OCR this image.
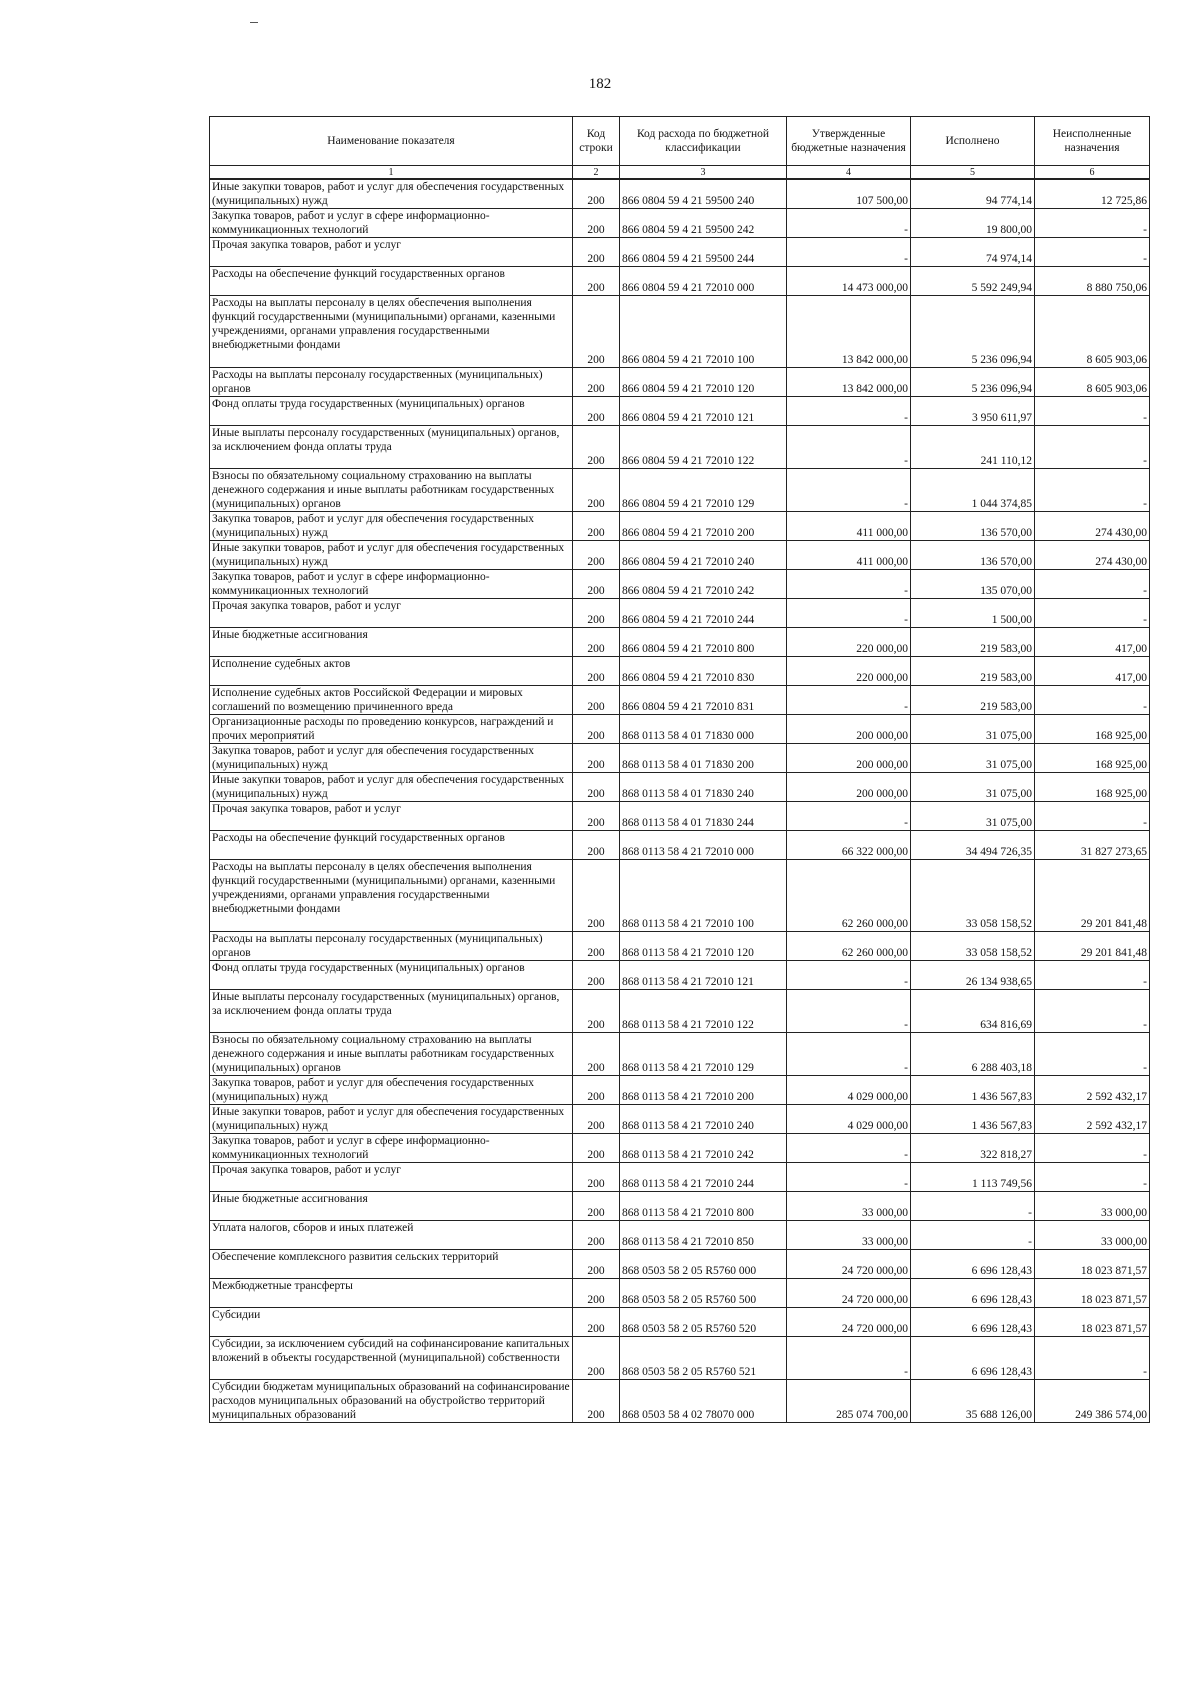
182
Наименование показателя	Код строки	Код расхода по бюджетной классификации	Утвержденные бюджетные назначения	Исполнено	Неисполненные назначения
1	2	3	4	5	6
Иные закупки товаров, работ и услуг для обеспечения государственных (муниципальных) нужд	200	866 0804 59 4 21 59500 240	107 500,00	94 774,14	12 725,86
Закупка товаров, работ и услуг в сфере информационно-коммуникационных технологий	200	866 0804 59 4 21 59500 242	-	19 800,00	-
Прочая закупка товаров, работ и услуг	200	866 0804 59 4 21 59500 244	-	74 974,14	-
Расходы на обеспечение функций государственных органов	200	866 0804 59 4 21 72010 000	14 473 000,00	5 592 249,94	8 880 750,06
Расходы на выплаты персоналу в целях обеспечения выполнения функций государственными (муниципальными) органами, казенными учреждениями, органами управления государственными внебюджетными фондами	200	866 0804 59 4 21 72010 100	13 842 000,00	5 236 096,94	8 605 903,06
Расходы на выплаты персоналу государственных (муниципальных) органов	200	866 0804 59 4 21 72010 120	13 842 000,00	5 236 096,94	8 605 903,06
Фонд оплаты труда государственных (муниципальных) органов	200	866 0804 59 4 21 72010 121	-	3 950 611,97	-
Иные выплаты персоналу государственных (муниципальных) органов, за исключением фонда оплаты труда	200	866 0804 59 4 21 72010 122	-	241 110,12	-
Взносы по обязательному социальному страхованию на выплаты денежного содержания и иные выплаты работникам государственных (муниципальных) органов	200	866 0804 59 4 21 72010 129	-	1 044 374,85	-
Закупка товаров, работ и услуг для обеспечения государственных (муниципальных) нужд	200	866 0804 59 4 21 72010 200	411 000,00	136 570,00	274 430,00
Иные закупки товаров, работ и услуг для обеспечения государственных (муниципальных) нужд	200	866 0804 59 4 21 72010 240	411 000,00	136 570,00	274 430,00
Закупка товаров, работ и услуг в сфере информационно-коммуникационных технологий	200	866 0804 59 4 21 72010 242	-	135 070,00	-
Прочая закупка товаров, работ и услуг	200	866 0804 59 4 21 72010 244	-	1 500,00	-
Иные бюджетные ассигнования	200	866 0804 59 4 21 72010 800	220 000,00	219 583,00	417,00
Исполнение судебных актов	200	866 0804 59 4 21 72010 830	220 000,00	219 583,00	417,00
Исполнение судебных актов Российской Федерации и мировых соглашений по возмещению причиненного вреда	200	866 0804 59 4 21 72010 831	-	219 583,00	-
Организационные расходы по проведению конкурсов, награждений и прочих мероприятий	200	868 0113 58 4 01 71830 000	200 000,00	31 075,00	168 925,00
Закупка товаров, работ и услуг для обеспечения государственных (муниципальных) нужд	200	868 0113 58 4 01 71830 200	200 000,00	31 075,00	168 925,00
Иные закупки товаров, работ и услуг для обеспечения государственных (муниципальных) нужд	200	868 0113 58 4 01 71830 240	200 000,00	31 075,00	168 925,00
Прочая закупка товаров, работ и услуг	200	868 0113 58 4 01 71830 244	-	31 075,00	-
Расходы на обеспечение функций государственных органов	200	868 0113 58 4 21 72010 000	66 322 000,00	34 494 726,35	31 827 273,65
Расходы на выплаты персоналу в целях обеспечения выполнения функций государственными (муниципальными) органами, казенными учреждениями, органами управления государственными внебюджетными фондами	200	868 0113 58 4 21 72010 100	62 260 000,00	33 058 158,52	29 201 841,48
Расходы на выплаты персоналу государственных (муниципальных) органов	200	868 0113 58 4 21 72010 120	62 260 000,00	33 058 158,52	29 201 841,48
Фонд оплаты труда государственных (муниципальных) органов	200	868 0113 58 4 21 72010 121	-	26 134 938,65	-
Иные выплаты персоналу государственных (муниципальных) органов, за исключением фонда оплаты труда	200	868 0113 58 4 21 72010 122	-	634 816,69	-
Взносы по обязательному социальному страхованию на выплаты денежного содержания и иные выплаты работникам государственных (муниципальных) органов	200	868 0113 58 4 21 72010 129	-	6 288 403,18	-
Закупка товаров, работ и услуг для обеспечения государственных (муниципальных) нужд	200	868 0113 58 4 21 72010 200	4 029 000,00	1 436 567,83	2 592 432,17
Иные закупки товаров, работ и услуг для обеспечения государственных (муниципальных) нужд	200	868 0113 58 4 21 72010 240	4 029 000,00	1 436 567,83	2 592 432,17
Закупка товаров, работ и услуг в сфере информационно-коммуникационных технологий	200	868 0113 58 4 21 72010 242	-	322 818,27	-
Прочая закупка товаров, работ и услуг	200	868 0113 58 4 21 72010 244	-	1 113 749,56	-
Иные бюджетные ассигнования	200	868 0113 58 4 21 72010 800	33 000,00	-	33 000,00
Уплата налогов, сборов и иных платежей	200	868 0113 58 4 21 72010 850	33 000,00	-	33 000,00
Обеспечение комплексного развития сельских территорий	200	868 0503 58 2 05 R5760 000	24 720 000,00	6 696 128,43	18 023 871,57
Межбюджетные трансферты	200	868 0503 58 2 05 R5760 500	24 720 000,00	6 696 128,43	18 023 871,57
Субсидии	200	868 0503 58 2 05 R5760 520	24 720 000,00	6 696 128,43	18 023 871,57
Субсидии, за исключением субсидий на софинансирование капитальных вложений в объекты государственной (муниципальной) собственности	200	868 0503 58 2 05 R5760 521	-	6 696 128,43	-
Субсидии бюджетам муниципальных образований на софинансирование расходов муниципальных образований на обустройство территорий муниципальных образований	200	868 0503 58 4 02 78070 000	285 074 700,00	35 688 126,00	249 386 574,00
